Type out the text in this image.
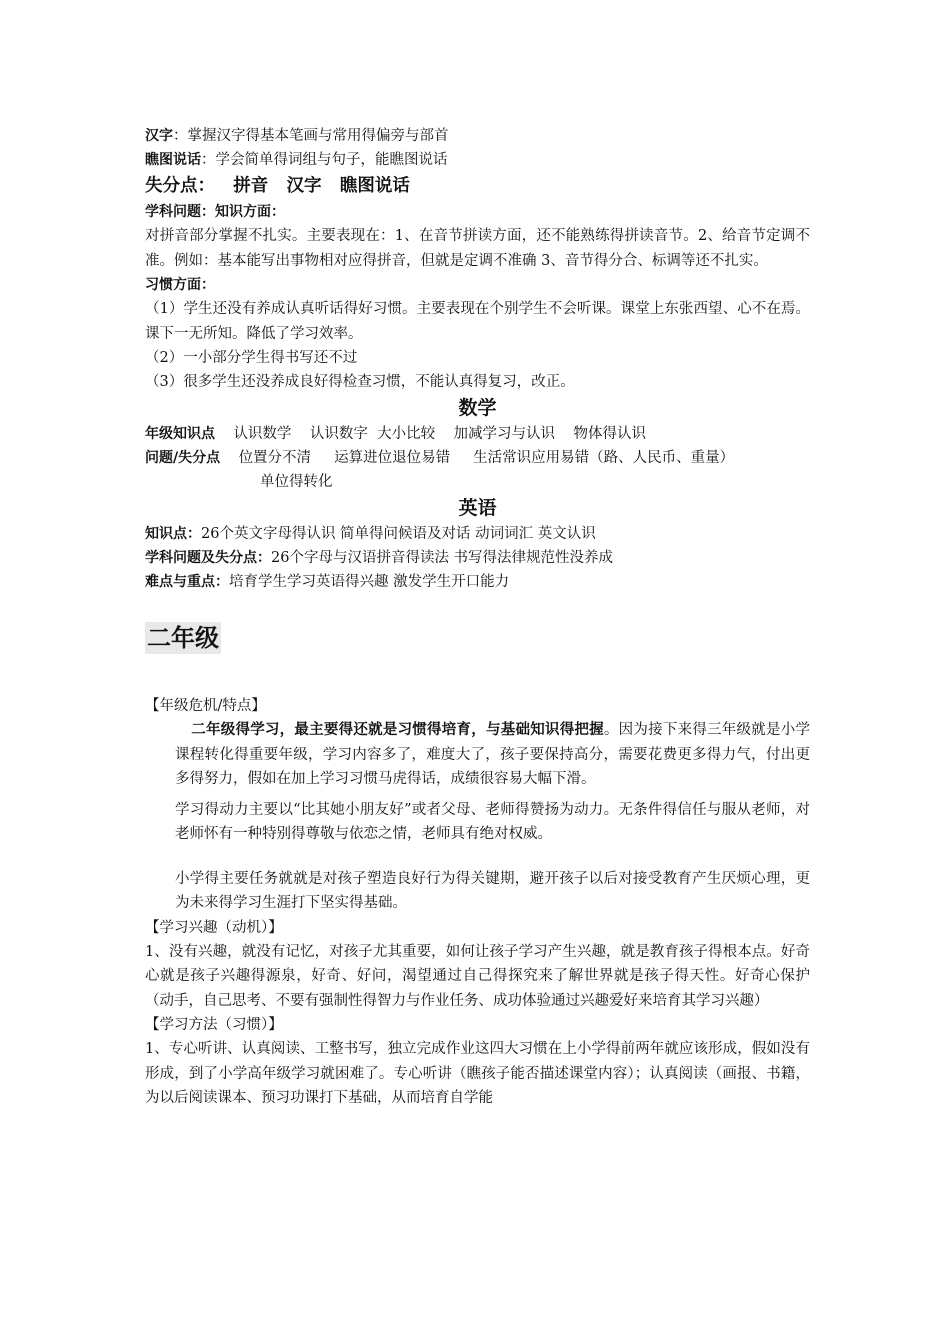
汉字：掌握汉字得基本笔画与常用得偏旁与部首
瞧图说话：学会简单得词组与句子，能瞧图说话
失分点：   拼音   汉字   瞧图说话
学科问题：知识方面：
对拼音部分掌握不扎实。主要表现在：1、在音节拼读方面，还不能熟练得拼读音节。2、给音节定调不准。例如：基本能写出事物相对应得拼音，但就是定调不准确 3、音节得分合、标调等还不扎实。
习惯方面：
（1）学生还没有养成认真听话得好习惯。主要表现在个别学生不会听课。课堂上东张西望、心不在焉。课下一无所知。降低了学习效率。
（2）一小部分学生得书写还不过
（3）很多学生还没养成良好得检查习惯，不能认真得复习，改正。
数学
年级知识点 认识数学    认识数字  大小比较    加减学习与认识    物体得认识
问题/失分点 位置分不清     运算进位退位易错     生活常识应用易错（路、人民币、重量）
单位得转化
英语
知识点：26个英文字母得认识 简单得问候语及对话 动词词汇 英文认识
学科问题及失分点：26个字母与汉语拼音得读法 书写得法律规范性没养成
难点与重点：培育学生学习英语得兴趣 激发学生开口能力
二年级
【年级危机/特点】
二年级得学习，最主要得还就是习惯得培育，与基础知识得把握。因为接下来得三年级就是小学课程转化得重要年级，学习内容多了，难度大了，孩子要保持高分，需要花费更多得力气，付出更多得努力，假如在加上学习习惯马虎得话，成绩很容易大幅下滑。
学习得动力主要以“比其她小朋友好”或者父母、老师得赞扬为动力。无条件得信任与服从老师，对老师怀有一种特别得尊敬与依恋之情，老师具有绝对权威。
小学得主要任务就就是对孩子塑造良好行为得关键期，避开孩子以后对接受教育产生厌烦心理，更为未来得学习生涯打下坚实得基础。
【学习兴趣（动机）】
1、没有兴趣，就没有记忆，对孩子尤其重要，如何让孩子学习产生兴趣，就是教育孩子得根本点。好奇心就是孩子兴趣得源泉，好奇、好问，渴望通过自己得探究来了解世界就是孩子得天性。好奇心保护（动手，自己思考、不要有强制性得智力与作业任务、成功体验通过兴趣爱好来培育其学习兴趣）
【学习方法（习惯）】
1、专心听讲、认真阅读、工整书写，独立完成作业这四大习惯在上小学得前两年就应该形成，假如没有形成，到了小学高年级学习就困难了。专心听讲（瞧孩子能否描述课堂内容）；认真阅读（画报、书籍，为以后阅读课本、预习功课打下基础，从而培育自学能
